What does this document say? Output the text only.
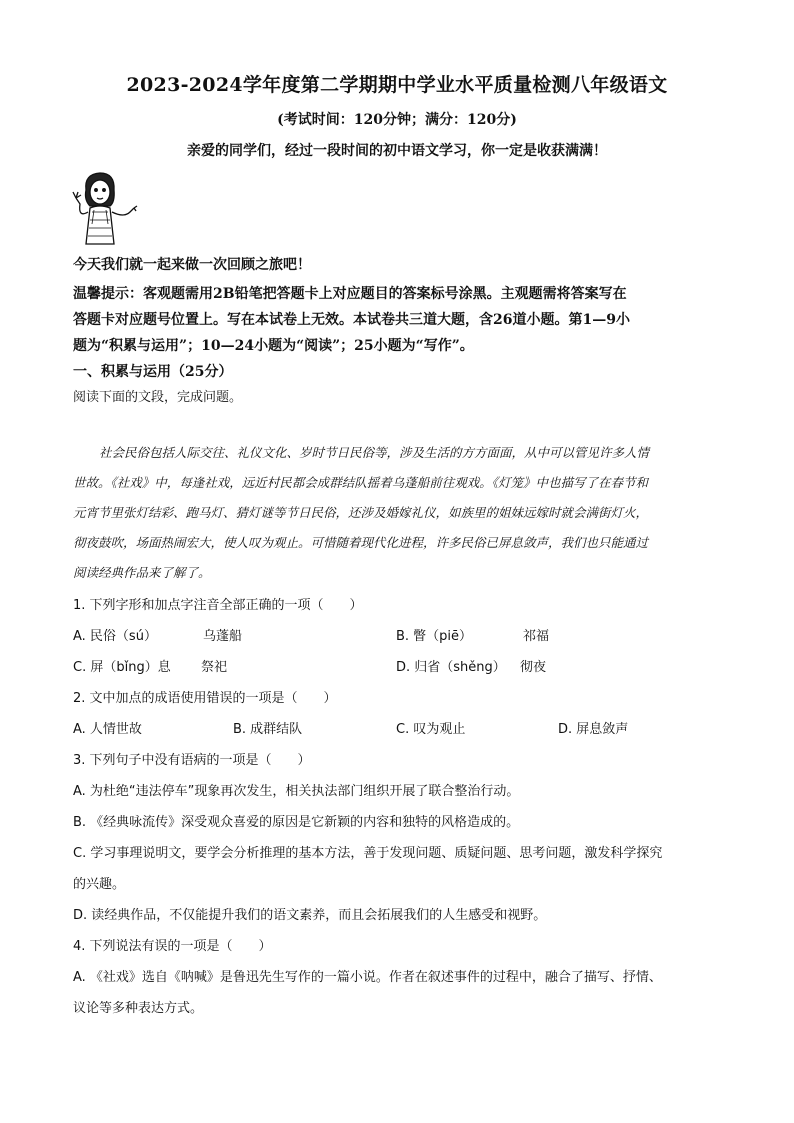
2023-2024学年度第二学期期中学业水平质量检测八年级语文
(考试时间：120分钟；满分：120分)
亲爱的同学们，经过一段时间的初中语文学习，你一定是收获满满！
今天我们就一起来做一次回顾之旅吧！
温馨提示：客观题需用2B铅笔把答题卡上对应题目的答案标号涂黑。主观题需将答案写在
答题卡对应题号位置上。写在本试卷上无效。本试卷共三道大题，含26道小题。第1—9小
题为“积累与运用”；10—24小题为“阅读”；25小题为“写作”。
一、积累与运用（25分）
阅读下面的文段，完成问题。
社会民俗包括人际交往、礼仪文化、岁时节日民俗等，涉及生活的方方面面，从中可以管见许多人情
世故。《社戏》中，每逢社戏，远近村民都会成群结队摇着乌蓬船前往观戏。《灯笼》中也描写了在春节和
元宵节里张灯结彩、跑马灯、猜灯谜等节日民俗，还涉及婚嫁礼仪，如族里的姐妹远嫁时就会满街灯火，
彻夜鼓吹，场面热闹宏大，使人叹为观止。可惜随着现代化进程，许多民俗已屏息敛声，我们也只能通过
阅读经典作品来了解了。
1. 下列字形和加点字注音全部正确的一项（　　）
A. 民俗（sú）	乌蓬船	B. 瞥（piē）	祁福
C. 屏（bǐng）息 祭祀	D. 归省（shěng） 彻夜
2. 文中加点的成语使用错误的一项是（　　）
A. 人情世故	B. 成群结队	C. 叹为观止	D. 屏息敛声
3. 下列句子中没有语病的一项是（　　）
A. 为杜绝“违法停车”现象再次发生，相关执法部门组织开展了联合整治行动。
B. 《经典咏流传》深受观众喜爱的原因是它新颖的内容和独特的风格造成的。
C. 学习事理说明文，要学会分析推理的基本方法，善于发现问题、质疑问题、思考问题，激发科学探究
的兴趣。
D. 读经典作品，不仅能提升我们的语文素养，而且会拓展我们的人生感受和视野。
4. 下列说法有误的一项是（　　）
A. 《社戏》选自《呐喊》是鲁迅先生写作的一篇小说。作者在叙述事件的过程中，融合了描写、抒情、
议论等多种表达方式。
